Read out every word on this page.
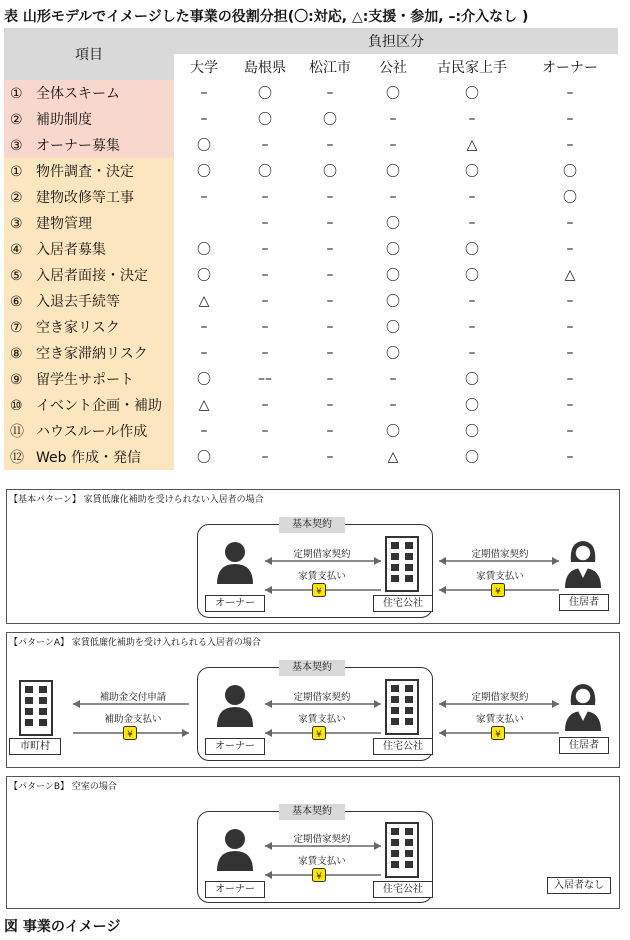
表 山形モデルでイメージした事業の役割分担(〇:対応, △:支援・参加, –:介入なし )
項目	負担区分					
	大学	島根県	松江市	公社	古民家上手	オーナー
① 全体スキーム	–	〇	–	〇	〇	–
② 補助制度	–	〇	〇	–	–	–
③ オーナー募集	〇	–	–	–	△	–
① 物件調査・決定	〇	〇	〇	〇	〇	〇
② 建物改修等工事	–	–	–	–	–	〇
③ 建物管理		–	–	〇	–	–
④ 入居者募集	〇	–	–	〇	〇	–
⑤ 入居者面接・決定	〇	–	–	〇	〇	△
⑥ 入退去手続等	△	–	–	〇	–	–
⑦ 空き家リスク	–	–	–	〇	–	–
⑧ 空き家滞納リスク	–	–	–	〇	–	–
⑨ 留学生サポート	〇	––	–	–	〇	–
⑩ イベント企画・補助	△	–	–	–	〇	–
⑪ ハウスルール作成	–	–	–	〇	〇	–
⑫ Web 作成・発信	〇	–	–	△	〇	–
【基本パターン】 家賃低廉化補助を受けられない入居者の場合
基本契約
オーナー	住宅公社
定期借家契約
家賃支払い
¥
定期借家契約
家賃支払い
¥
住居者
【パターンA】 家賃低廉化補助を受け入れられる入居者の場合
市町村
補助金交付申請
補助金支払い
¥
基本契約
オーナー	住宅公社
定期借家契約
家賃支払い
¥
定期借家契約
家賃支払い
¥
住居者
【パターンB】 空室の場合
基本契約
オーナー	住宅公社
定期借家契約
家賃支払い
¥
入居者なし
図 事業のイメージ
